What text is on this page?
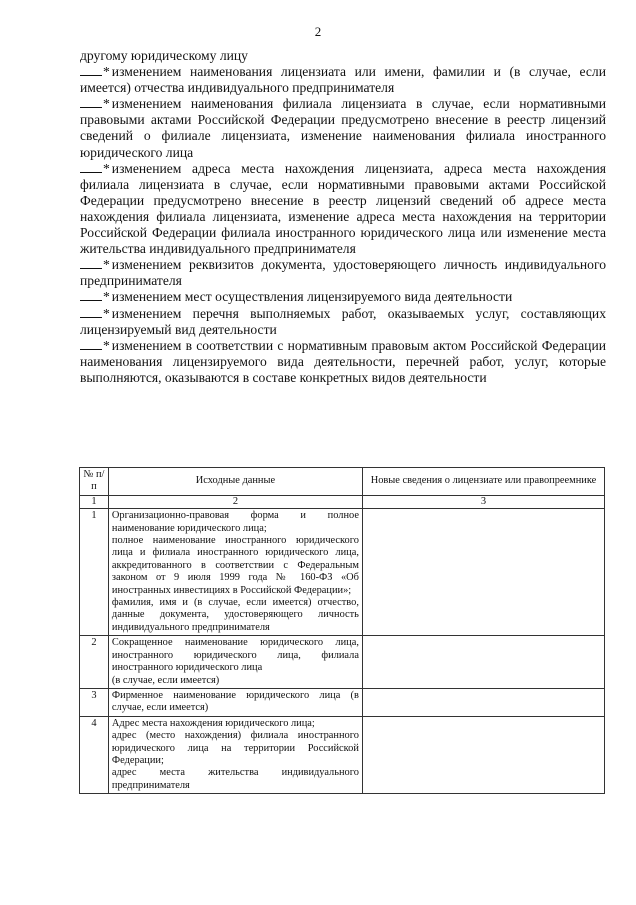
2

другому юридическому лицу

* изменением наименования лицензиата или имени, фамилии и (в случае, если имеется) отчества индивидуального предпринимателя

* изменением наименования филиала лицензиата в случае, если нормативными правовыми актами Российской Федерации предусмотрено внесение в реестр лицензий сведений о филиале лицензиата, изменение наименования филиала иностранного юридического лица

* изменением адреса места нахождения лицензиата, адреса места нахождения филиала лицензиата в случае, если нормативными правовыми актами Российской Федерации предусмотрено внесение в реестр лицензий сведений об адресе места нахождения филиала лицензиата, изменение адреса места нахождения на территории Российской Федерации филиала иностранного юридического лица или изменение места жительства индивидуального предпринимателя

* изменением реквизитов документа, удостоверяющего личность индивидуального предпринимателя

* изменением мест осуществления лицензируемого вида деятельности

* изменением перечня выполняемых работ, оказываемых услуг, составляющих лицензируемый вид деятельности

* изменением в соответствии с нормативным правовым актом Российской Федерации наименования лицензируемого вида деятельности, перечней работ, услуг, которые выполняются, оказываются в составе конкретных видов деятельности

№ п/п	Исходные данные	Новые сведения о лицензиате или правопреемнике
1	2	3
1	Организационно-правовая форма и полное наименование юридического лица;
полное наименование иностранного юридического лица и филиала иностранного юридического лица, аккредитованного в соответствии с Федеральным законом от 9 июля 1999 года № 160-ФЗ «Об иностранных инвестициях в Российской Федерации»;
фамилия, имя и (в случае, если имеется) отчество, данные документа, удостоверяющего личность индивидуального предпринимателя	

2	Сокращенное наименование юридического лица, иностранного юридического лица, филиала иностранного юридического лица
(в случае, если имеется)	

3	Фирменное наименование юридического лица (в случае, если имеется)	

4	Адрес места нахождения юридического лица;
адрес (место нахождения) филиала иностранного юридического лица на территории Российской Федерации;
адрес места жительства индивидуального предпринимателя	
